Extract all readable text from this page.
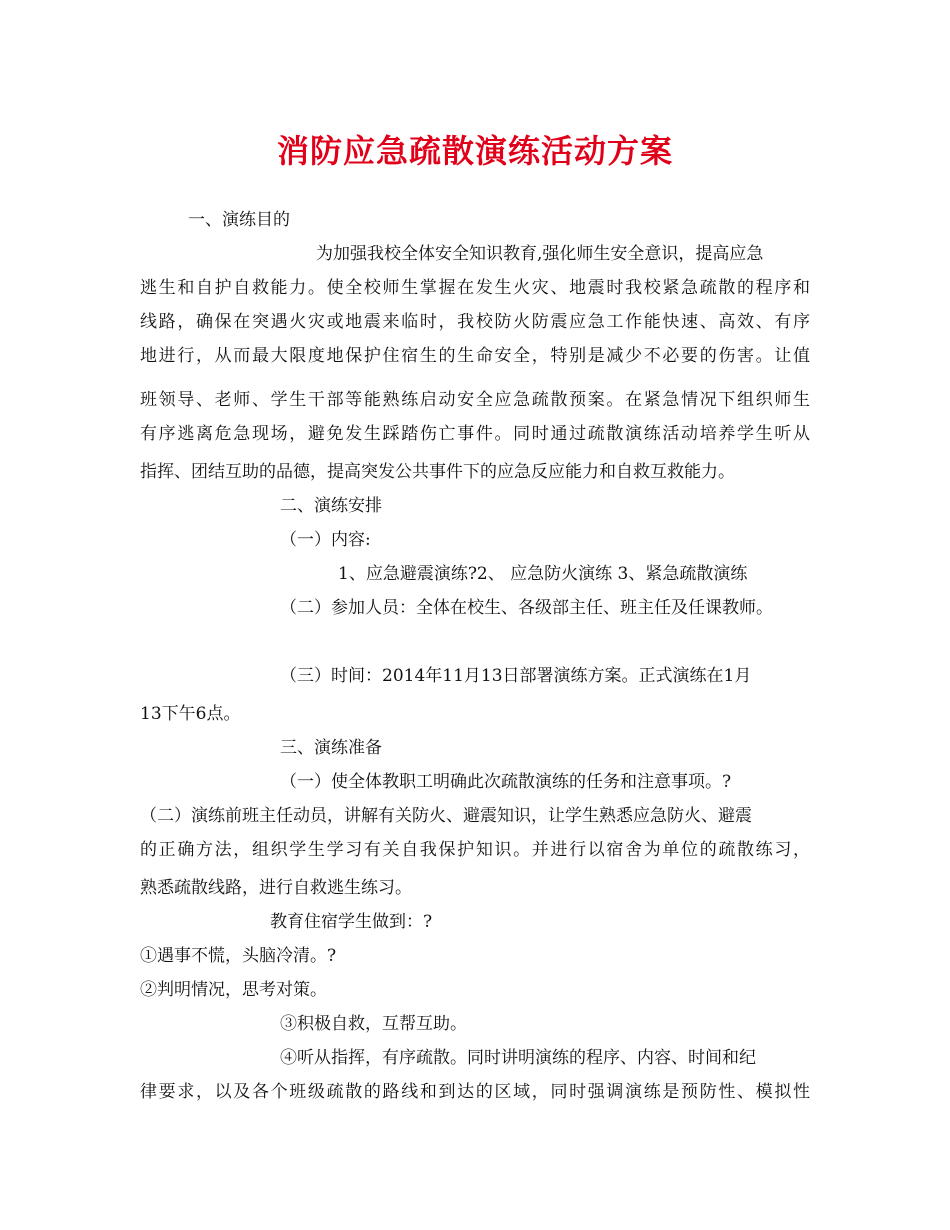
消防应急疏散演练活动方案
一、演练目的
为加强我校全体安全知识教育,强化师生安全意识，提高应急
逃生和自护自救能力。使全校师生掌握在发生火灾、地震时我校紧急疏散的程序和
线路，确保在突遇火灾或地震来临时，我校防火防震应急工作能快速、高效、有序
地进行，从而最大限度地保护住宿生的生命安全，特别是减少不必要的伤害。让值
班领导、老师、学生干部等能熟练启动安全应急疏散预案。在紧急情况下组织师生
有序逃离危急现场，避免发生踩踏伤亡事件。同时通过疏散演练活动培养学生听从
指挥、团结互助的品德，提高突发公共事件下的应急反应能力和自救互救能力。
二、演练安排
（一）内容:
1、应急避震演练?2、 应急防火演练 3、紧急疏散演练
（二）参加人员：全体在校生、各级部主任、班主任及任课教师。
（三）时间：2014年11月13日部署演练方案。正式演练在1月
13下午6点。
三、演练准备
（一）使全体教职工明确此次疏散演练的任务和注意事项。?
（二）演练前班主任动员，讲解有关防火、避震知识，让学生熟悉应急防火、避震
的正确方法，组织学生学习有关自我保护知识。并进行以宿舍为单位的疏散练习，
熟悉疏散线路，进行自救逃生练习。
教育住宿学生做到：?
①遇事不慌，头脑冷清。?
②判明情况，思考对策。
③积极自救，互帮互助。
④听从指挥，有序疏散。同时讲明演练的程序、内容、时间和纪
律要求，以及各个班级疏散的路线和到达的区域，同时强调演练是预防性、模拟性
